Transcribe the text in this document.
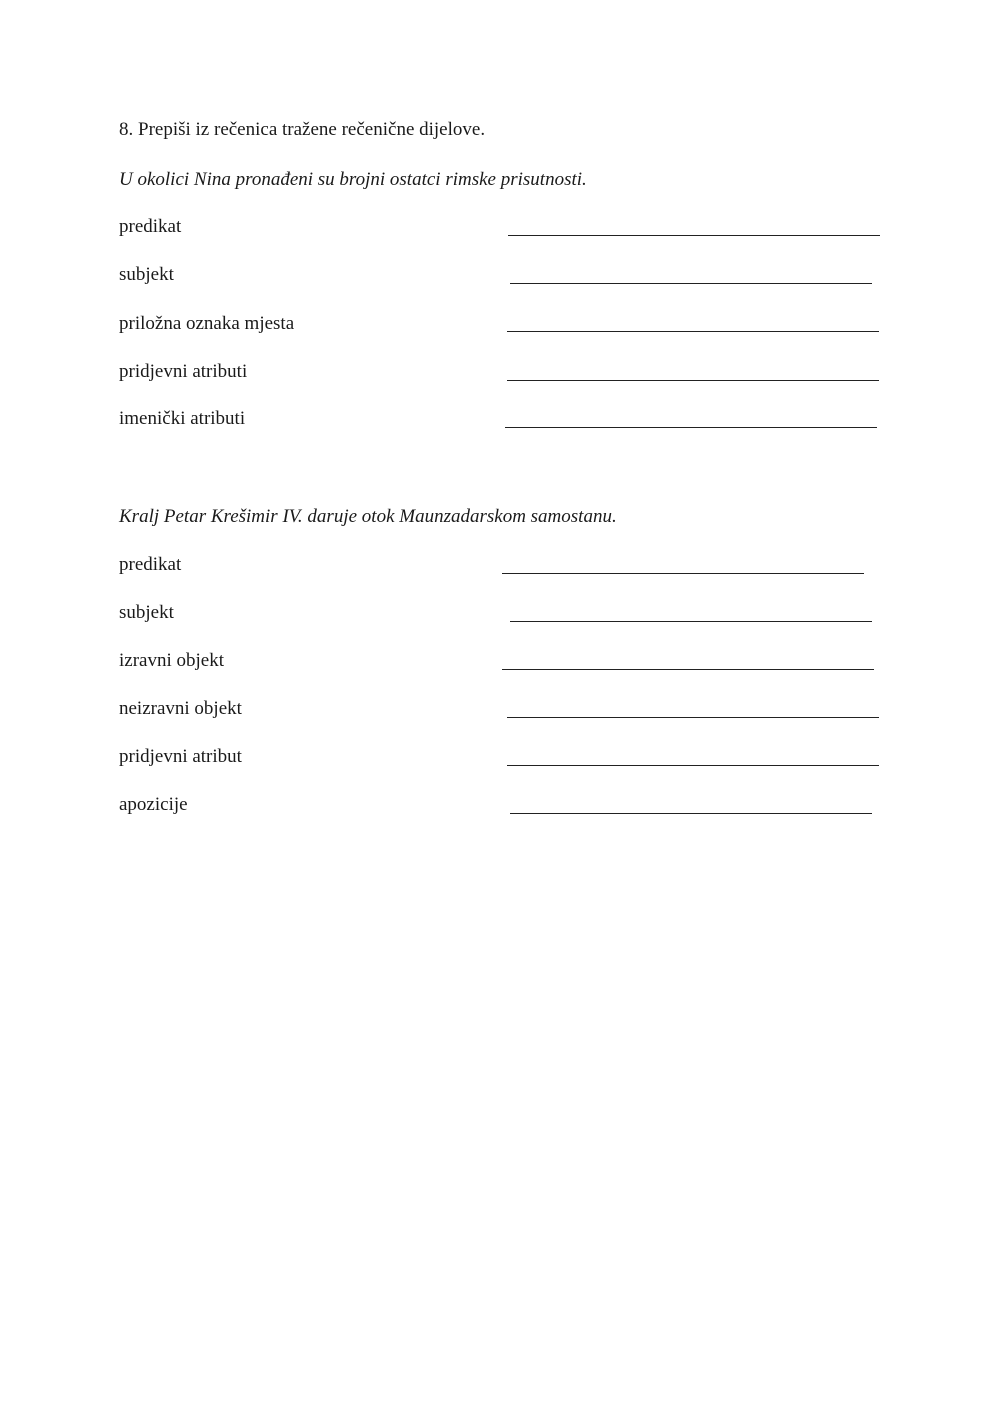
8. Prepiši iz rečenica tražene rečenične dijelove.
U okolici Nina pronađeni su brojni ostatci rimske prisutnosti.
predikat
subjekt
priložna oznaka mjesta
pridjevni atributi
imenički atributi
Kralj Petar Krešimir IV. daruje otok Maunzadarskom samostanu.
predikat
subjekt
izravni objekt
neizravni objekt
pridjevni atribut
apozicije
